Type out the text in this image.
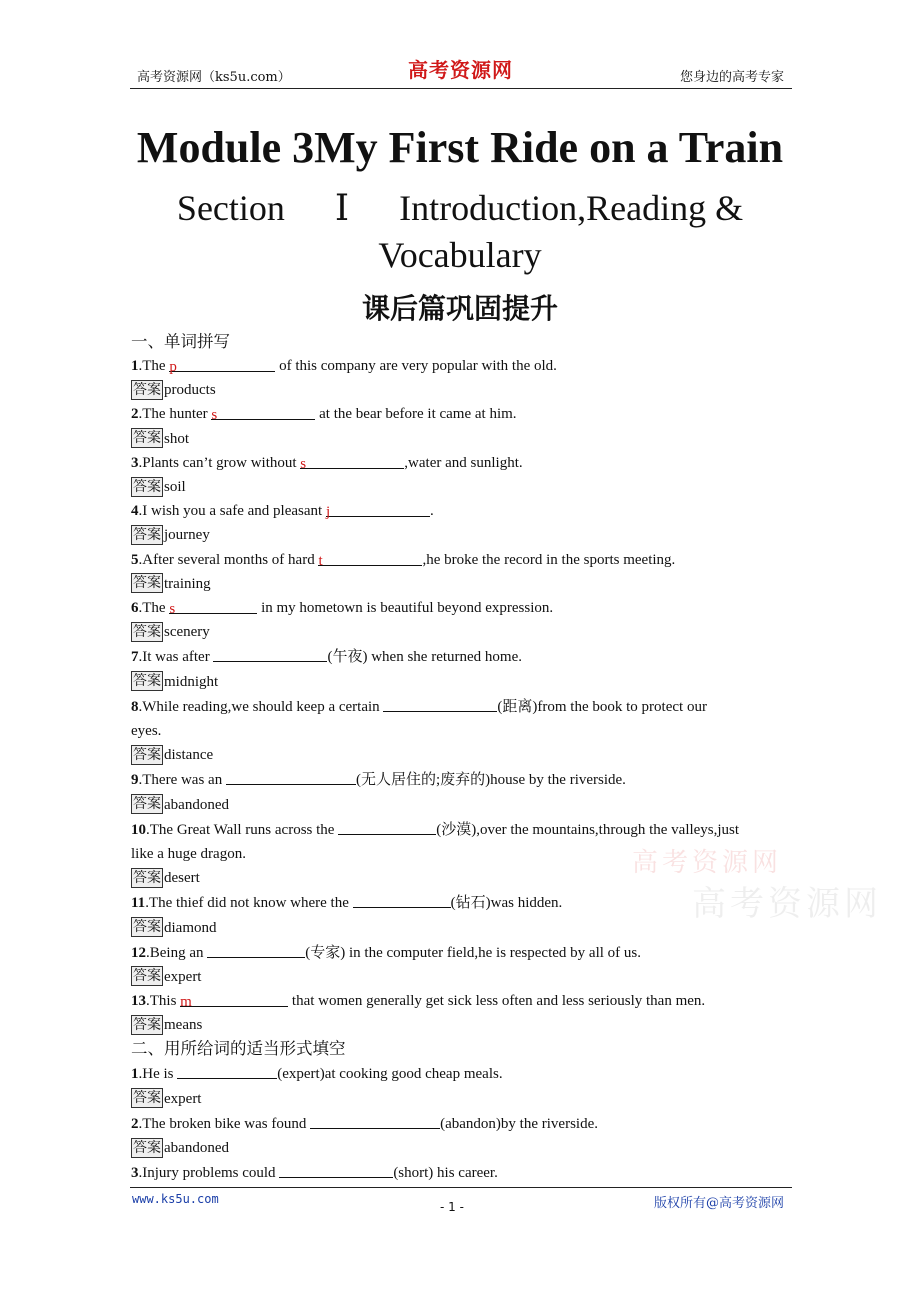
高考资源网（ks5u.com）	高考资源网	您身边的高考专家
Module 3My First Ride on a Train
Section Ⅰ Introduction,Reading &
Vocabulary
课后篇巩固提升
一、单词拼写
1.The p	of this company are very popular with the old.
答案 products
2.The hunter s	at the bear before it came at him.
答案 shot
3.Plants can’t grow without s	,water and sunlight.
答案 soil
4.I wish you a safe and pleasant j	.
答案 journey
5.After several months of hard t	,he broke the record in the sports meeting.
答案 training
6.The s	in my hometown is beautiful beyond expression.
答案 scenery
7.It was after	(午夜) when she returned home.
答案 midnight
8.While reading,we should keep a certain	(距离)from the book to protect our
eyes.
答案 distance
9.There was an	(无人居住的;废弃的)house by the riverside.
答案 abandoned
10.The Great Wall runs across the	(沙漠),over the mountains,through the valleys,just
like a huge dragon.
答案 desert
11.The thief did not know where the	(钻石)was hidden.
答案 diamond
12.Being an	(专家) in the computer field,he is respected by all of us.
答案 expert
13.This m	that women generally get sick less often and less seriously than men.
答案 means
二、用所给词的适当形式填空
1.He is	(expert)at cooking good cheap meals.
答案 expert
2.The broken bike was found	(abandon)by the riverside.
答案 abandoned
3.Injury problems could	(short) his career.
高考资源网
高考资源网
www.ks5u.com
- 1 -	版权所有@高考资源网
